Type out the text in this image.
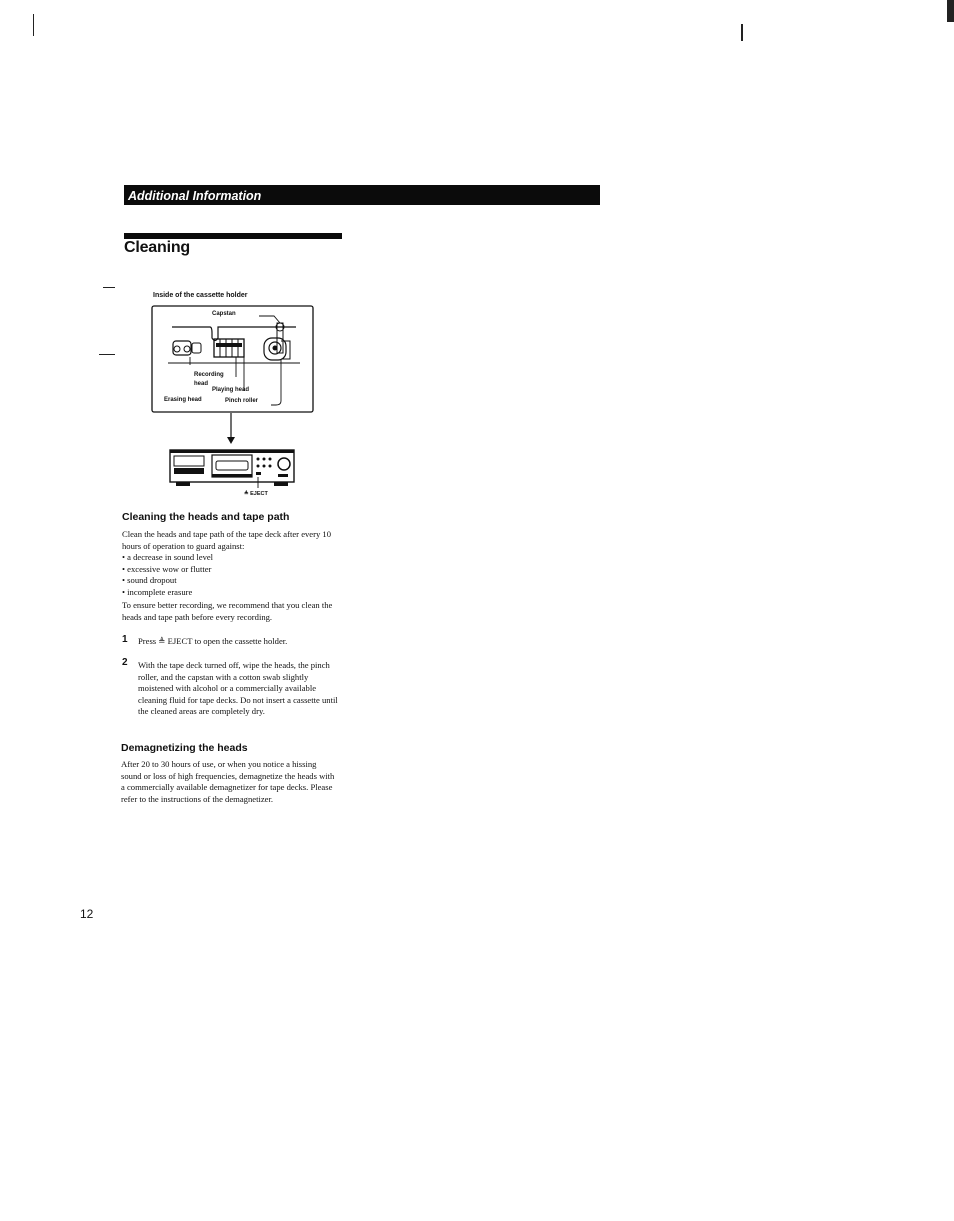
Additional Information
Cleaning
Inside of the cassette holder
Recording head
Playing head
Erasing head	Pinch roller
Capstan
≜ EJECT
Cleaning the heads and tape path
Clean the heads and tape path of the tape deck after every 10 hours of operation to guard against:
• a decrease in sound level
• excessive wow or flutter
• sound dropout
• incomplete erasure
To ensure better recording, we recommend that you clean the heads and tape path before every recording.
1 Press ≜ EJECT to open the cassette holder.
2 With the tape deck turned off, wipe the heads, the pinch roller, and the capstan with a cotton swab slightly moistened with alcohol or a commercially available cleaning fluid for tape decks. Do not insert a cassette until the cleaned areas are completely dry.
Demagnetizing the heads
After 20 to 30 hours of use, or when you notice a hissing sound or loss of high frequencies, demagnetize the heads with a commercially available demagnetizer for tape decks. Please refer to the instructions of the demagnetizer.
12
